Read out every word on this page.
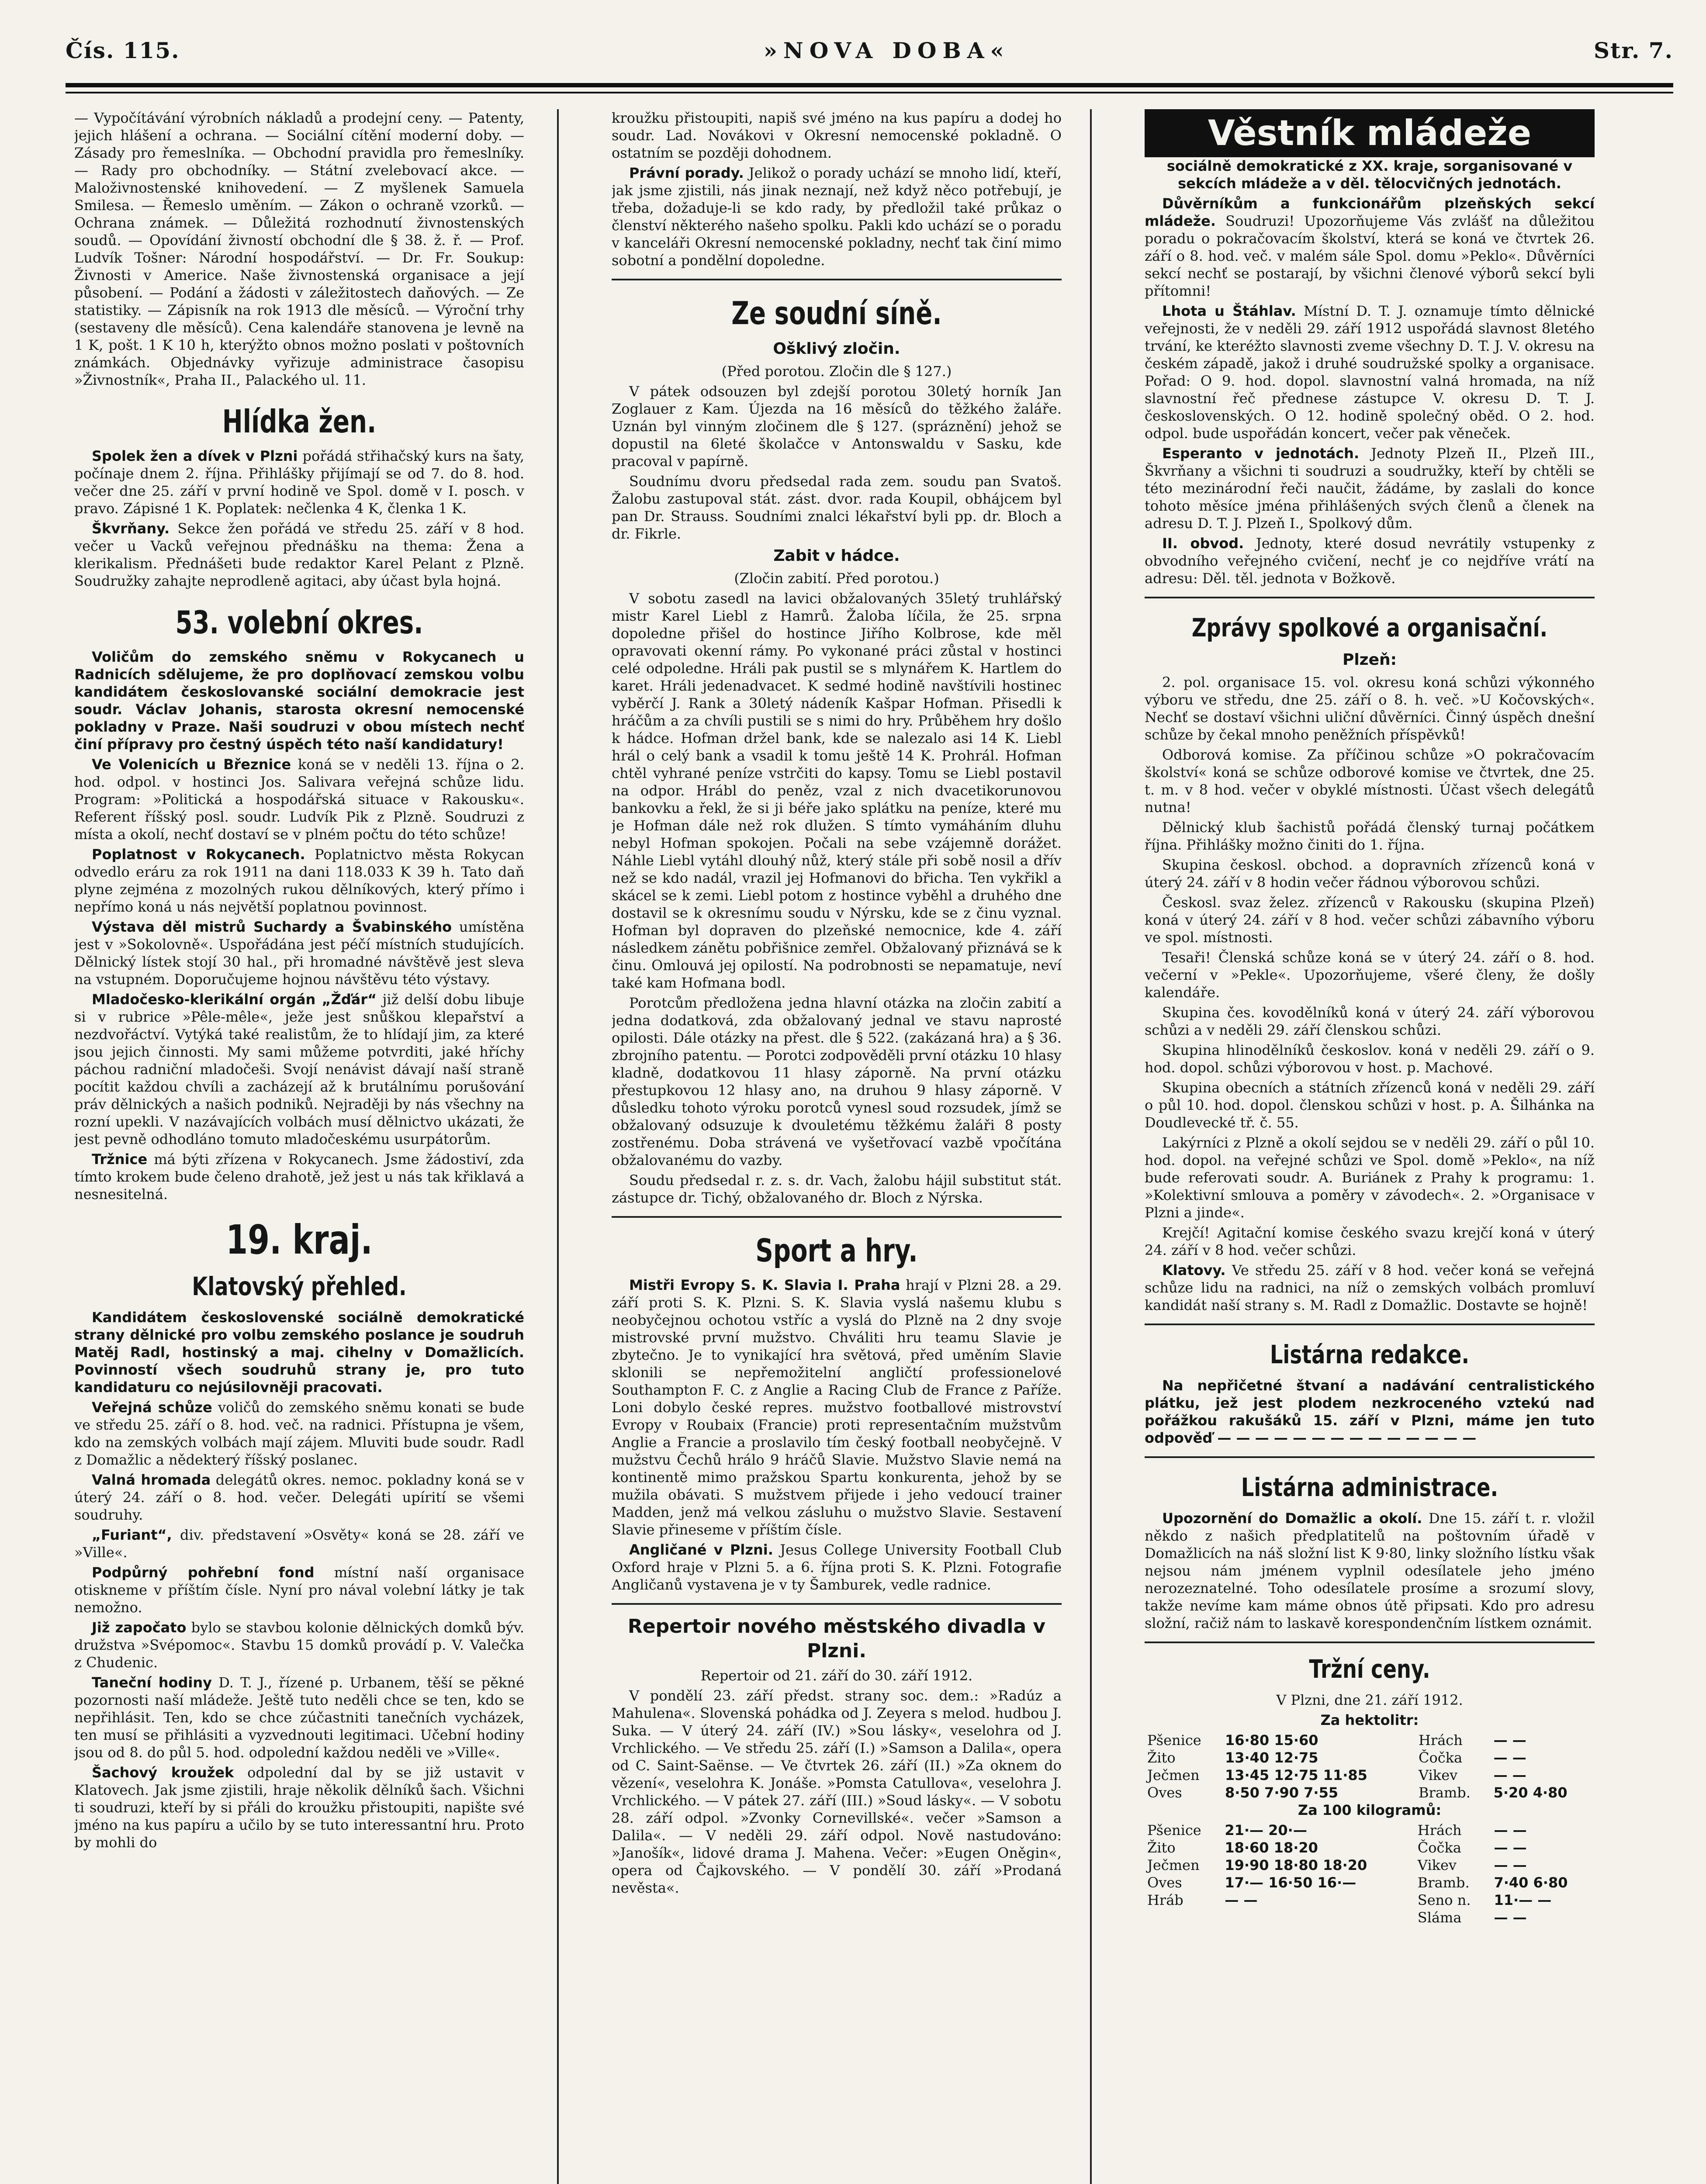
Čís. 115.	»NOVA DOBA«	Str. 7.

— Vypočítávání výrobních nákladů a prodejní ceny. — Patenty, jejich hlášení a ochrana. — Sociální cítění moderní doby. — Zásady pro řemeslníka. — Obchodní pravidla pro řemeslníky. — Rady pro obchodníky. — Státní zvelebovací akce. — Maloživnostenské knihovedení. — Z myšlenek Samuela Smilesa. — Řemeslo uměním. — Zákon o ochraně vzorků. — Ochrana známek. — Důležitá rozhodnutí živnostenských soudů. — Opovídání živností obchodní dle § 38. ž. ř. — Prof. Ludvík Tošner: Národní hospodářství. — Dr. Fr. Soukup: Živnosti v Americe. Naše živnostenská organisace a její působení. — Podání a žádosti v záležitostech daňových. — Ze statistiky. — Zápisník na rok 1913 dle měsíců. — Výroční trhy (sestaveny dle měsíců). Cena kalendáře stanovena je levně na 1 K, pošt. 1 K 10 h, kterýžto obnos možno poslati v poštovních známkách. Objednávky vyřizuje administrace časopisu »Živnostník«, Praha II., Palackého ul. 11.

Hlídka žen.

Spolek žen a dívek v Plzni pořádá střihačský kurs na šaty, počínaje dnem 2. října. Přihlášky přijímají se od 7. do 8. hod. večer dne 25. září v první hodině ve Spol. domě v I. posch. v pravo. Zápisné 1 K. Poplatek: nečlenka 4 K, členka 1 K.

Škvrňany. Sekce žen pořádá ve středu 25. září v 8 hod. večer u Vacků veřejnou přednášku na thema: Žena a klerikalism. Přednášeti bude redaktor Karel Pelant z Plzně. Soudružky zahajte neprodleně agitaci, aby účast byla hojná.

53. volební okres.

Voličům do zemského sněmu v Rokycanech u Radnicích sdělujeme, že pro doplňovací zemskou volbu kandidátem českoslovanské sociální demokracie jest soudr. Václav Johanis, starosta okresní nemocenské pokladny v Praze. Naši soudruzi v obou místech nechť činí přípravy pro čestný úspěch této naší kandidatury!

Ve Volenicích u Březnice koná se v neděli 13. října o 2. hod. odpol. v hostinci Jos. Salivara veřejná schůze lidu. Program: »Politická a hospodářská situace v Rakousku«. Referent říšský posl. soudr. Ludvík Pik z Plzně. Soudruzi z místa a okolí, nechť dostaví se v plném počtu do této schůze!

Poplatnost v Rokycanech. Poplatnictvo města Rokycan odvedlo eráru za rok 1911 na dani 118.033 K 39 h. Tato daň plyne zejména z mozolných rukou dělníkových, který přímo i nepřímo koná u nás největší poplatnou povinnost.

Výstava děl mistrů Suchardy a Švabinského umístěna jest v »Sokolovně«. Uspořádána jest péčí místních studujících. Dělnický lístek stojí 30 hal., při hromadné návštěvě jest sleva na vstupném. Doporučujeme hojnou návštěvu této výstavy.

Mladočesko-klerikální orgán „Žďár“ již delší dobu libuje si v rubrice »Pêle-mêle«, ježe jest snůškou klepařství a nezdvořáctví. Vytýká také realistům, že to hlídají jim, za které jsou jejich činnosti. My sami můžeme potvrditi, jaké hříchy páchou radniční mladočeši. Svojí nenávist dávají naší straně pocítit každou chvíli a zacházejí až k brutálnímu porušování práv dělnických a našich podniků. Nejraději by nás všechny na rozní upekli. V nazávajících volbách musí dělnictvo ukázati, že jest pevně odhodláno tomuto mladočeskému usurpátorům.

Tržnice má býti zřízena v Rokycanech. Jsme žádostiví, zda tímto krokem bude čeleno drahotě, jež jest u nás tak křiklavá a nesnesitelná.

19. kraj.
Klatovský přehled.

Kandidátem československé sociálně demokratické strany dělnické pro volbu zemského poslance je soudruh Matěj Radl, hostinský a maj. cihelny v Domažlicích. Povinností všech soudruhů strany je, pro tuto kandidaturu co nejúsilovněji pracovati.

Veřejná schůze voličů do zemského sněmu konati se bude ve středu 25. září o 8. hod. več. na radnici. Přístupna je všem, kdo na zemských volbách mají zájem. Mluviti bude soudr. Radl z Domažlic a nědekterý říšský poslanec.

Valná hromada delegátů okres. nemoc. pokladny koná se v úterý 24. září o 8. hod. večer. Delegáti upírití se všemi soudruhy.

„Furiant“, div. představení »Osvěty« koná se 28. září ve »Ville«.

Podpůrný pohřební fond místní naší organisace otiskneme v příštím čísle. Nyní pro nával volební látky je tak nemožno.

Již započato bylo se stavbou kolonie dělnických domků býv. družstva »Svépomoc«. Stavbu 15 domků provádí p. V. Valečka z Chudenic.

Taneční hodiny D. T. J., řízené p. Urbanem, těší se pěkné pozornosti naší mládeže. Ještě tuto neděli chce se ten, kdo se nepřihlásit. Ten, kdo se chce zúčastniti tanečních vycházek, ten musí se přihlásiti a vyzvednouti legitimaci. Učební hodiny jsou od 8. do půl 5. hod. odpolední každou neděli ve »Ville«.

Šachový kroužek odpolední dal by se již ustavit v Klatovech. Jak jsme zjistili, hraje několik dělníků šach. Všichni ti soudruzi, kteří by si přáli do kroužku přistoupiti, napište své jméno na kus papíru a učilo by se tuto interessantní hru. Proto by mohli do

kroužku přistoupiti, napiš své jméno na kus papíru a dodej ho soudr. Lad. Novákovi v Okresní nemocenské pokladně. O ostatním se později dohodnem.

Právní porady. Jelikož o porady uchází se mnoho lidí, kteří, jak jsme zjistili, nás jinak neznají, než když něco potřebují, je třeba, dožaduje-li se kdo rady, by předložil také průkaz o členství některého našeho spolku. Pakli kdo uchází se o poradu v kanceláři Okresní nemocenské pokladny, nechť tak činí mimo sobotní a pondělní dopoledne.

Ze soudní síně.
Ošklivý zločin.

(Před porotou. Zločin dle § 127.)

V pátek odsouzen byl zdejší porotou 30letý horník Jan Zoglauer z Kam. Újezda na 16 měsíců do těžkého žaláře. Uznán byl vinným zločinem dle § 127. (spráznění) jehož se dopustil na 6leté školačce v Antonswaldu v Sasku, kde pracoval v papírně.

Soudnímu dvoru předsedal rada zem. soudu pan Svatoš. Žalobu zastupoval stát. zást. dvor. rada Koupil, obhájcem byl pan Dr. Strauss. Soudními znalci lékařství byli pp. dr. Bloch a dr. Fikrle.

Zabit v hádce.

(Zločin zabití. Před porotou.)

V sobotu zasedl na lavici obžalovaných 35letý truhlářský mistr Karel Liebl z Hamrů. Žaloba líčila, že 25. srpna dopoledne přišel do hostince Jiřího Kolbrose, kde měl opravovati okenní rámy. Po vykonané práci zůstal v hostinci celé odpoledne. Hráli pak pustil se s mlynářem K. Hartlem do karet. Hráli jedenadvacet. K sedmé hodině navštívili hostinec vyběrčí J. Rank a 30letý nádeník Kašpar Hofman. Přisedli k hráčům a za chvíli pustili se s nimi do hry. Průběhem hry došlo k hádce. Hofman držel bank, kde se nalezalo asi 14 K. Liebl hrál o celý bank a vsadil k tomu ještě 14 K. Prohrál. Hofman chtěl vyhrané peníze vstrčiti do kapsy. Tomu se Liebl postavil na odpor. Hrábl do peněz, vzal z nich dvacetikorunovou bankovku a řekl, že si ji béře jako splátku na peníze, které mu je Hofman dále než rok dlužen. S tímto vymáháním dluhu nebyl Hofman spokojen. Počali na sebe vzájemně dorážet. Náhle Liebl vytáhl dlouhý nůž, který stále při sobě nosil a dřív než se kdo nadál, vrazil jej Hofmanovi do břicha. Ten vykřikl a skácel se k zemi. Liebl potom z hostince vyběhl a druhého dne dostavil se k okresnímu soudu v Nýrsku, kde se z činu vyznal. Hofman byl dopraven do plzeňské nemocnice, kde 4. září následkem zánětu pobřišnice zemřel. Obžalovaný přiznává se k činu. Omlouvá jej opilostí. Na podrobnosti se nepamatuje, neví také kam Hofmana bodl.

Porotcům předložena jedna hlavní otázka na zločin zabití a jedna dodatková, zda obžalovaný jednal ve stavu naprosté opilosti. Dále otázky na přest. dle § 522. (zakázaná hra) a § 36. zbrojního patentu. — Porotci zodpověděli první otázku 10 hlasy kladně, dodatkovou 11 hlasy záporně. Na první otázku přestupkovou 12 hlasy ano, na druhou 9 hlasy záporně. V důsledku tohoto výroku porotců vynesl soud rozsudek, jímž se obžalovaný odsuzuje k dvouletému těžkému žaláři 8 posty zostřenému. Doba strávená ve vyšetřovací vazbě vpočítána obžalovanému do vazby.

Soudu předsedal r. z. s. dr. Vach, žalobu hájil substitut stát. zástupce dr. Tichý, obžalovaného dr. Bloch z Nýrska.

Sport a hry.

Mistři Evropy S. K. Slavia I. Praha hrají v Plzni 28. a 29. září proti S. K. Plzni. S. K. Slavia vyslá našemu klubu s neobyčejnou ochotou vstříc a vyslá do Plzně na 2 dny svoje mistrovské první mužstvo. Chváliti hru teamu Slavie je zbytečno. Je to vynikající hra světová, před uměním Slavie sklonili se nepřemožitelní angličtí professionelové Southampton F. C. z Anglie a Racing Club de France z Paříže. Loni dobylo české repres. mužstvo footballové mistrovství Evropy v Roubaix (Francie) proti representačním mužstvům Anglie a Francie a proslavilo tím český football neobyčejně. V mužstvu Čechů hrálo 9 hráčů Slavie. Mužstvo Slavie nemá na kontinentě mimo pražskou Spartu konkurenta, jehož by se mužila obávati. S mužstvem přijede i jeho vedoucí trainer Madden, jenž má velkou zásluhu o mužstvo Slavie. Sestavení Slavie přineseme v příštím čísle.

Angličané v Plzni. Jesus College University Football Club Oxford hraje v Plzni 5. a 6. října proti S. K. Plzni. Fotografie Angličanů vystavena je v ty Šamburek, vedle radnice.

Repertoir nového městského divadla v Plzni.

Repertoir od 21. září do 30. září 1912.

V pondělí 23. září předst. strany soc. dem.: »Radúz a Mahulena«. Slovenská pohádka od J. Zeyera s melod. hudbou J. Suka. — V úterý 24. září (IV.) »Sou lásky«, veselohra od J. Vrchlického. — Ve středu 25. září (I.) »Samson a Dalila«, opera od C. Saint-Saënse. — Ve čtvrtek 26. září (II.) »Za oknem do vězení«, veselohra K. Jonáše. »Pomsta Catullova«, veselohra J. Vrchlického. — V pátek 27. září (III.) »Soud lásky«. — V sobotu 28. září odpol. »Zvonky Cornevillské«. večer »Samson a Dalila«. — V neděli 29. září odpol. Nově nastudováno: »Janošík«, lidové drama J. Mahena. Večer: »Eugen Oněgin«, opera od Čajkovského. — V pondělí 30. září »Prodaná nevěsta«.

Věstník mládeže

sociálně demokratické z XX. kraje, sorganisované v sekcích mládeže a v děl. tělocvičných jednotách.

Důvěrníkům a funkcionářům plzeňských sekcí mládeže. Soudruzi! Upozorňujeme Vás zvlášť na důležitou poradu o pokračovacím školství, která se koná ve čtvrtek 26. září o 8. hod. več. v malém sále Spol. domu »Peklo«. Důvěrníci sekcí nechť se postarají, by všichni členové výborů sekcí byli přítomni!

Lhota u Štáhlav. Místní D. T. J. oznamuje tímto dělnické veřejnosti, že v neděli 29. září 1912 uspořádá slavnost 8letého trvání, ke kteréžto slavnosti zveme všechny D. T. J. V. okresu na českém západě, jakož i druhé soudružské spolky a organisace. Pořad: O 9. hod. dopol. slavnostní valná hromada, na níž slavnostní řeč přednese zástupce V. okresu D. T. J. československých. O 12. hodině společný oběd. O 2. hod. odpol. bude uspořádán koncert, večer pak věneček.

Esperanto v jednotách. Jednoty Plzeň II., Plzeň III., Škvrňany a všichni ti soudruzi a soudružky, kteří by chtěli se této mezinárodní řeči naučit, žádáme, by zaslali do konce tohoto měsíce jména přihlášených svých členů a členek na adresu D. T. J. Plzeň I., Spolkový dům.

II. obvod. Jednoty, které dosud nevrátily vstupenky z obvodního veřejného cvičení, nechť je co nejdříve vrátí na adresu: Děl. těl. jednota v Božkově.

Zprávy spolkové a organisační.
Plzeň:

2. pol. organisace 15. vol. okresu koná schůzi výkonného výboru ve středu, dne 25. září o 8. h. več. »U Kočovských«. Nechť se dostaví všichni uliční důvěrníci. Činný úspěch dnešní schůze by čekal mnoho peněžních příspěvků!

Odborová komise. Za příčinou schůze »O pokračovacím školství« koná se schůze odborové komise ve čtvrtek, dne 25. t. m. v 8 hod. večer v obyklé místnosti. Účast všech delegátů nutna!

Dělnický klub šachistů pořádá členský turnaj počátkem října. Přihlášky možno činiti do 1. října.

Skupina českosl. obchod. a dopravních zřízenců koná v úterý 24. září v 8 hodin večer řádnou výborovou schůzi.

Českosl. svaz želez. zřízenců v Rakousku (skupina Plzeň) koná v úterý 24. září v 8 hod. večer schůzi zábavního výboru ve spol. místnosti.

Tesaři! Členská schůze koná se v úterý 24. září o 8. hod. večerní v »Pekle«. Upozorňujeme, všeré členy, že došly kalendáře.

Skupina čes. kovodělníků koná v úterý 24. září výborovou schůzi a v neděli 29. září členskou schůzi.

Skupina hlinodělníků českoslov. koná v neděli 29. září o 9. hod. dopol. schůzi výborovou v host. p. Machové.

Skupina obecních a státních zřízenců koná v neděli 29. září o půl 10. hod. dopol. členskou schůzi v host. p. A. Šilhánka na Doudlevecké tř. č. 55.

Lakýrníci z Plzně a okolí sejdou se v neděli 29. září o půl 10. hod. dopol. na veřejné schůzi ve Spol. domě »Peklo«, na níž bude referovati soudr. A. Buriánek z Prahy k programu: 1. »Kolektivní smlouva a poměry v závodech«. 2. »Organisace v Plzni a jinde«.

Krejčí! Agitační komise českého svazu krejčí koná v úterý 24. září v 8 hod. večer schůzi.

Klatovy. Ve středu 25. září v 8 hod. večer koná se veřejná schůze lidu na radnici, na níž o zemských volbách promluví kandidát naší strany s. M. Radl z Domažlic. Dostavte se hojně!

Listárna redakce.

Na nepřičetné štvaní a nadávání centralistického plátku, jež jest plodem nezkroceného vztekú nad pořážkou rakušáků 15. září v Plzni, máme jen tuto odpověď — — — — — — — — — — — — — —

Listárna administrace.

Upozornění do Domažlic a okolí. Dne 15. září t. r. vložil někdo z našich předplatitelů na poštovním úřadě v Domažlicích na náš složní list K 9·80, linky složního lístku však nejsou nám jménem vyplnil odesílatele jeho jméno nerozeznatelné. Toho odesílatele prosíme a srozumí slovy, takže nevíme kam máme obnos útě připsati. Kdo pro adresu složní, račiž nám to laskavě korespondenčním lístkem oznámit.

Tržní ceny.

V Plzni, dne 21. září 1912.

Za hektolitr:

Pšenice	16·80 15·60	Hrách	— —
Žito	13·40 12·75	Čočka	— —
Ječmen	13·45 12·75 11·85	Vikev	— —
Oves	8·50 7·90 7·55	Bramb.	5·20 4·80

Za 100 kilogramů:

Pšenice	21·— 20·—	Hrách	— —
Žito	18·60 18·20	Čočka	— —
Ječmen	19·90 18·80 18·20	Vikev	— —
Oves	17·— 16·50 16·—	Bramb.	7·40 6·80
Hráb	— —	Seno n.	11·— —
		Sláma	— —
